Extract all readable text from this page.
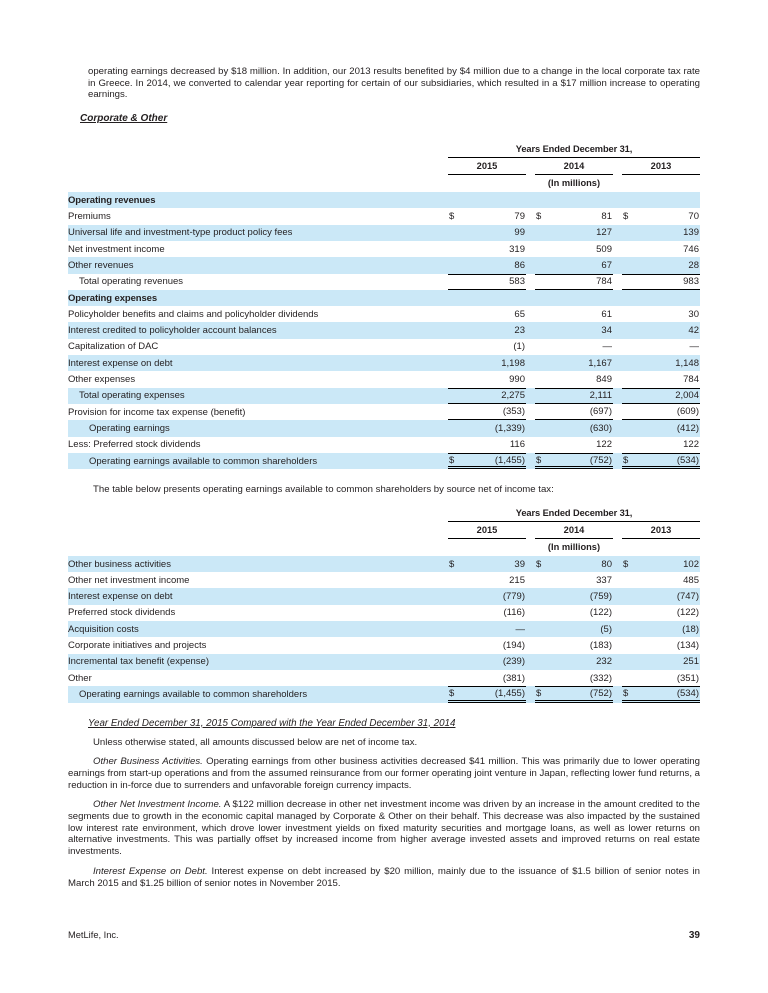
operating earnings decreased by $18 million. In addition, our 2013 results benefited by $4 million due to a change in the local corporate tax rate in Greece. In 2014, we converted to calendar year reporting for certain of our subsidiaries, which resulted in a $17 million increase to operating earnings.

Corporate & Other
Years Ended December 31,
2015	2014	2013
(In millions)
Operating revenues
Premiums	$	79 $	81 $	70
Universal life and investment-type product policy fees	99	127	139
Net investment income	319	509	746
Other revenues	86	67	28
Total operating revenues	583	784	983
Operating expenses
Policyholder benefits and claims and policyholder dividends	65	61	30
Interest credited to policyholder account balances	23	34	42
Capitalization of DAC	(1)	—	—
Interest expense on debt	1,198	1,167	1,148
Other expenses	990	849	784
Total operating expenses	2,275	2,111	2,004
Provision for income tax expense (benefit)	(353)	(697)	(609)
Operating earnings	(1,339)	(630)	(412)
Less: Preferred stock dividends	116	122	122
Operating earnings available to common shareholders	$	(1,455) $	(752) $	(534)

The table below presents operating earnings available to common shareholders by source net of income tax:

Years Ended December 31,
2015	2014	2013
(In millions)
Other business activities	$	39 $	80 $	102
Other net investment income	215	337	485
Interest expense on debt	(779)	(759)	(747)
Preferred stock dividends	(116)	(122)	(122)
Acquisition costs	—	(5)	(18)
Corporate initiatives and projects	(194)	(183)	(134)
Incremental tax benefit (expense)	(239)	232	251
Other	(381)	(332)	(351)
Operating earnings available to common shareholders	$	(1,455) $	(752) $	(534)
Year Ended December 31, 2015 Compared with the Year Ended December 31, 2014

Unless otherwise stated, all amounts discussed below are net of income tax.

Other Business Activities. Operating earnings from other business activities decreased $41 million. This was primarily due to lower operating earnings from start-up operations and from the assumed reinsurance from our former operating joint venture in Japan, reflecting lower fund returns, a reduction in in-force due to surrenders and unfavorable foreign currency impacts.

Other Net Investment Income. A $122 million decrease in other net investment income was driven by an increase in the amount credited to the segments due to growth in the economic capital managed by Corporate & Other on their behalf. This decrease was also impacted by the sustained low interest rate environment, which drove lower investment yields on fixed maturity securities and mortgage loans, as well as lower returns on alternative investments. This was partially offset by increased income from higher average invested assets and improved returns on real estate investments.

Interest Expense on Debt. Interest expense on debt increased by $20 million, mainly due to the issuance of $1.5 billion of senior notes in March 2015 and $1.25 billion of senior notes in November 2015.

MetLife, Inc.	39
